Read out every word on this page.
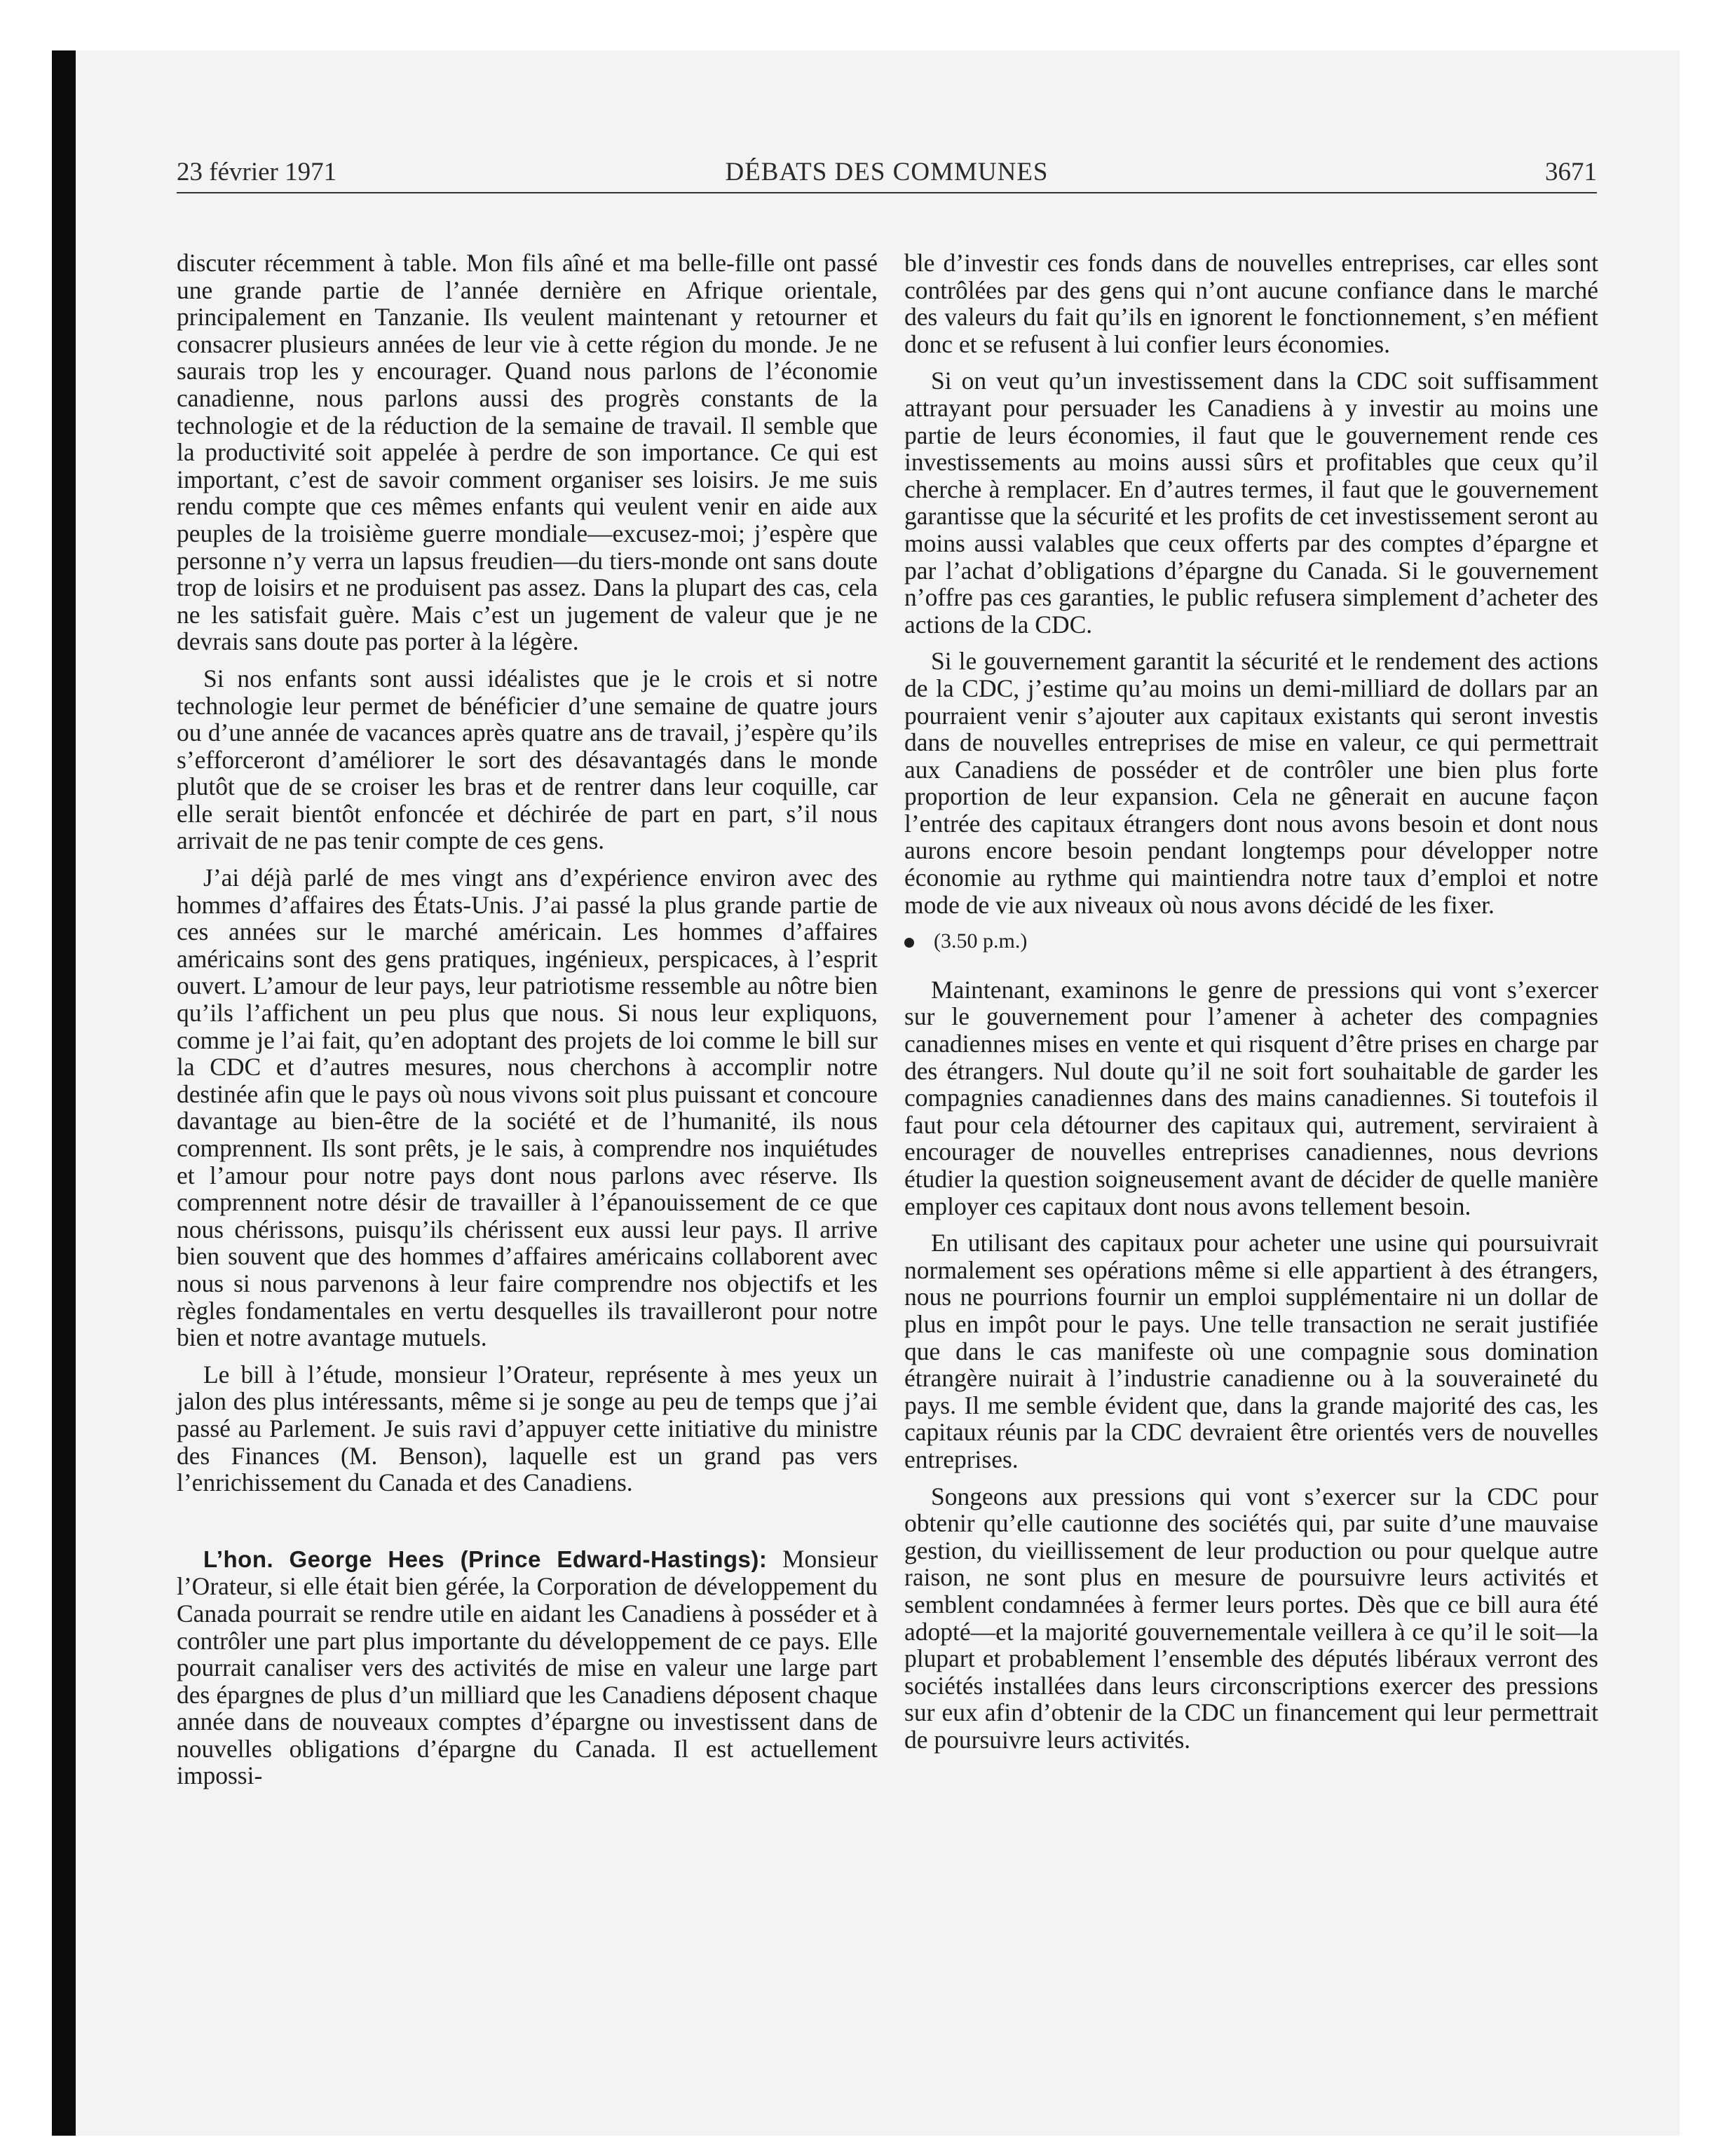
23 février 1971	DÉBATS DES COMMUNES	3671

discuter récemment à table. Mon fils aîné et ma belle-fille ont passé une grande partie de l’année dernière en Afrique orientale, principalement en Tanzanie. Ils veulent maintenant y retourner et consacrer plusieurs années de leur vie à cette région du monde. Je ne saurais trop les y encourager. Quand nous parlons de l’économie canadienne, nous parlons aussi des progrès constants de la technologie et de la réduction de la semaine de travail. Il semble que la productivité soit appelée à perdre de son importance. Ce qui est important, c’est de savoir comment organiser ses loisirs. Je me suis rendu compte que ces mêmes enfants qui veulent venir en aide aux peuples de la troisième guerre mondiale—excusez-moi; j’espère que personne n’y verra un lapsus freudien—du tiers-monde ont sans doute trop de loisirs et ne produisent pas assez. Dans la plupart des cas, cela ne les satisfait guère. Mais c’est un jugement de valeur que je ne devrais sans doute pas porter à la légère.

Si nos enfants sont aussi idéalistes que je le crois et si notre technologie leur permet de bénéficier d’une semaine de quatre jours ou d’une année de vacances après quatre ans de travail, j’espère qu’ils s’efforceront d’améliorer le sort des désavantagés dans le monde plutôt que de se croiser les bras et de rentrer dans leur coquille, car elle serait bientôt enfoncée et déchirée de part en part, s’il nous arrivait de ne pas tenir compte de ces gens.

J’ai déjà parlé de mes vingt ans d’expérience environ avec des hommes d’affaires des États-Unis. J’ai passé la plus grande partie de ces années sur le marché américain. Les hommes d’affaires américains sont des gens pratiques, ingénieux, perspicaces, à l’esprit ouvert. L’amour de leur pays, leur patriotisme ressemble au nôtre bien qu’ils l’affichent un peu plus que nous. Si nous leur expliquons, comme je l’ai fait, qu’en adoptant des projets de loi comme le bill sur la CDC et d’autres mesures, nous cherchons à accomplir notre destinée afin que le pays où nous vivons soit plus puissant et concoure davantage au bien-être de la société et de l’humanité, ils nous comprennent. Ils sont prêts, je le sais, à comprendre nos inquiétudes et l’amour pour notre pays dont nous parlons avec réserve. Ils comprennent notre désir de travailler à l’épanouissement de ce que nous chérissons, puisqu’ils chérissent eux aussi leur pays. Il arrive bien souvent que des hommes d’affaires américains collaborent avec nous si nous parvenons à leur faire comprendre nos objectifs et les règles fondamentales en vertu desquelles ils travailleront pour notre bien et notre avantage mutuels.

Le bill à l’étude, monsieur l’Orateur, représente à mes yeux un jalon des plus intéressants, même si je songe au peu de temps que j’ai passé au Parlement. Je suis ravi d’appuyer cette initiative du ministre des Finances (M. Benson), laquelle est un grand pas vers l’enrichissement du Canada et des Canadiens.

L’hon. George Hees (Prince Edward-Hastings): Monsieur l’Orateur, si elle était bien gérée, la Corporation de développement du Canada pourrait se rendre utile en aidant les Canadiens à posséder et à contrôler une part plus importante du développement de ce pays. Elle pourrait canaliser vers des activités de mise en valeur une large part des épargnes de plus d’un milliard que les Canadiens déposent chaque année dans de nouveaux comptes d’épargne ou investissent dans de nouvelles obligations d’épargne du Canada. Il est actuellement impossi-

ble d’investir ces fonds dans de nouvelles entreprises, car elles sont contrôlées par des gens qui n’ont aucune confiance dans le marché des valeurs du fait qu’ils en ignorent le fonctionnement, s’en méfient donc et se refusent à lui confier leurs économies.

Si on veut qu’un investissement dans la CDC soit suffisamment attrayant pour persuader les Canadiens à y investir au moins une partie de leurs économies, il faut que le gouvernement rende ces investissements au moins aussi sûrs et profitables que ceux qu’il cherche à remplacer. En d’autres termes, il faut que le gouvernement garantisse que la sécurité et les profits de cet investissement seront au moins aussi valables que ceux offerts par des comptes d’épargne et par l’achat d’obligations d’épargne du Canada. Si le gouvernement n’offre pas ces garanties, le public refusera simplement d’acheter des actions de la CDC.

Si le gouvernement garantit la sécurité et le rendement des actions de la CDC, j’estime qu’au moins un demi-milliard de dollars par an pourraient venir s’ajouter aux capitaux existants qui seront investis dans de nouvelles entreprises de mise en valeur, ce qui permettrait aux Canadiens de posséder et de contrôler une bien plus forte proportion de leur expansion. Cela ne gênerait en aucune façon l’entrée des capitaux étrangers dont nous avons besoin et dont nous aurons encore besoin pendant longtemps pour développer notre économie au rythme qui maintiendra notre taux d’emploi et notre mode de vie aux niveaux où nous avons décidé de les fixer.

(3.50 p.m.)

Maintenant, examinons le genre de pressions qui vont s’exercer sur le gouvernement pour l’amener à acheter des compagnies canadiennes mises en vente et qui risquent d’être prises en charge par des étrangers. Nul doute qu’il ne soit fort souhaitable de garder les compagnies canadiennes dans des mains canadiennes. Si toutefois il faut pour cela détourner des capitaux qui, autrement, serviraient à encourager de nouvelles entreprises canadiennes, nous devrions étudier la question soigneusement avant de décider de quelle manière employer ces capitaux dont nous avons tellement besoin.

En utilisant des capitaux pour acheter une usine qui poursuivrait normalement ses opérations même si elle appartient à des étrangers, nous ne pourrions fournir un emploi supplémentaire ni un dollar de plus en impôt pour le pays. Une telle transaction ne serait justifiée que dans le cas manifeste où une compagnie sous domination étrangère nuirait à l’industrie canadienne ou à la souveraineté du pays. Il me semble évident que, dans la grande majorité des cas, les capitaux réunis par la CDC devraient être orientés vers de nouvelles entreprises.

Songeons aux pressions qui vont s’exercer sur la CDC pour obtenir qu’elle cautionne des sociétés qui, par suite d’une mauvaise gestion, du vieillissement de leur production ou pour quelque autre raison, ne sont plus en mesure de poursuivre leurs activités et semblent condamnées à fermer leurs portes. Dès que ce bill aura été adopté—et la majorité gouvernementale veillera à ce qu’il le soit—la plupart et probablement l’ensemble des députés libéraux verront des sociétés installées dans leurs circonscriptions exercer des pressions sur eux afin d’obtenir de la CDC un financement qui leur permettrait de poursuivre leurs activités.
